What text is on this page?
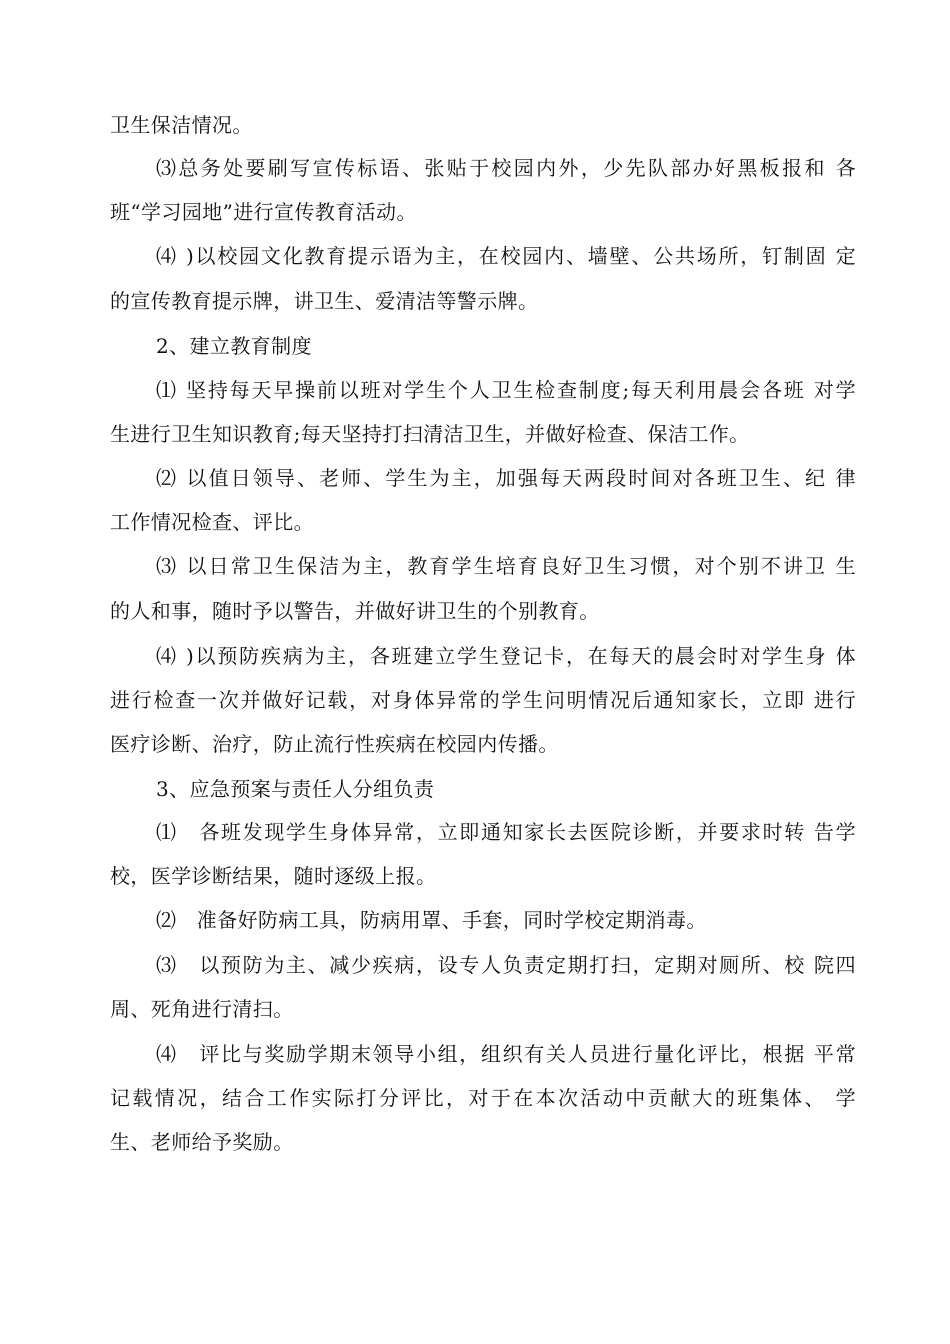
卫生保洁情况。
⑶总务处要刷写宣传标语、张贴于校园内外，少先队部办好黑板报和 各
班“学习园地”进行宣传教育活动。
⑷ )以校园文化教育提示语为主，在校园内、墙壁、公共场所，钉制固 定
的宣传教育提示牌，讲卫生、爱清洁等警示牌。
2、建立教育制度
⑴ 坚持每天早操前以班对学生个人卫生检查制度;每天利用晨会各班 对学
生进行卫生知识教育;每天坚持打扫清洁卫生，并做好检查、保洁工作。
⑵ 以值日领导、老师、学生为主，加强每天两段时间对各班卫生、纪 律
工作情况检查、评比。
⑶ 以日常卫生保洁为主，教育学生培育良好卫生习惯，对个别不讲卫 生
的人和事，随时予以警告，并做好讲卫生的个别教育。
⑷ )以预防疾病为主，各班建立学生登记卡，在每天的晨会时对学生身 体
进行检查一次并做好记载，对身体异常的学生问明情况后通知家长，立即 进行
医疗诊断、治疗，防止流行性疾病在校园内传播。
3、应急预案与责任人分组负责
⑴　各班发现学生身体异常，立即通知家长去医院诊断，并要求时转 告学
校，医学诊断结果，随时逐级上报。
⑵　准备好防病工具，防病用罩、手套，同时学校定期消毒。
⑶　以预防为主、减少疾病，设专人负责定期打扫，定期对厕所、校 院四
周、死角进行清扫。
⑷　评比与奖励学期末领导小组，组织有关人员进行量化评比，根据 平常
记载情况，结合工作实际打分评比，对于在本次活动中贡献大的班集体、 学
生、老师给予奖励。
